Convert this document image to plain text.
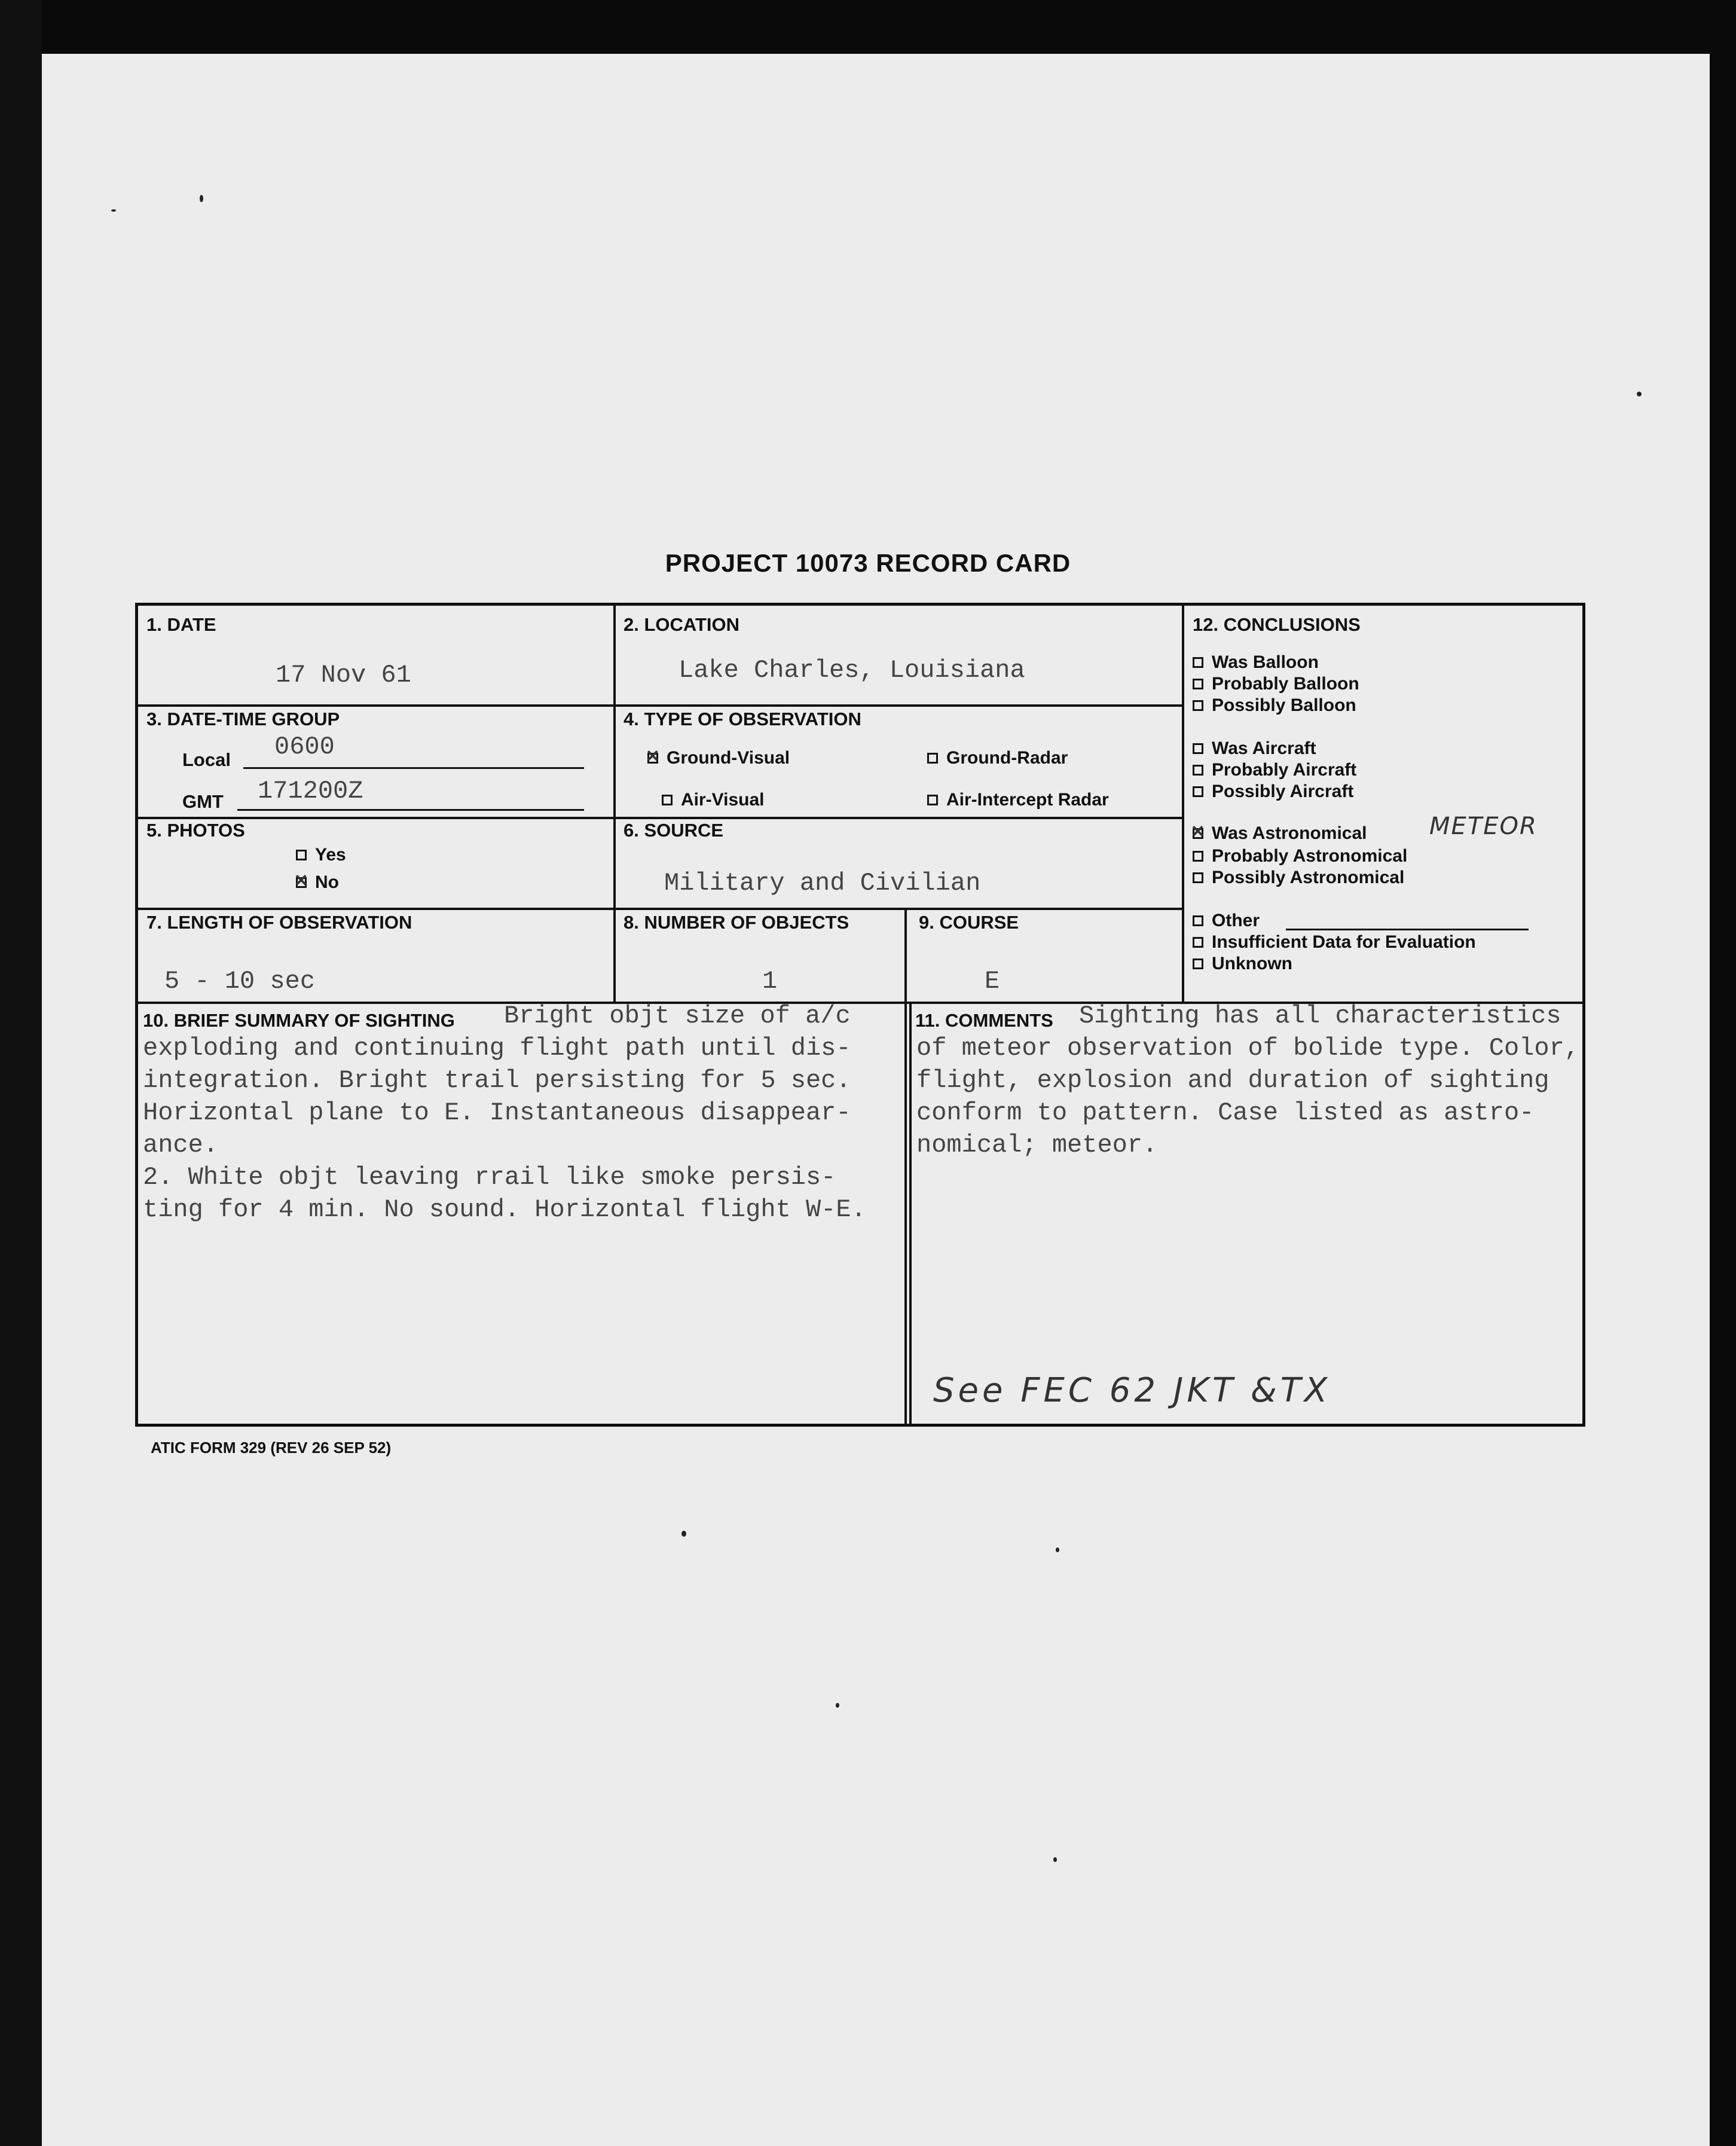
PROJECT 10073 RECORD CARD
1. DATE
17 Nov 61
2. LOCATION
Lake Charles, Louisiana
3. DATE-TIME GROUP
Local 0600
GMT 171200Z
4. TYPE OF OBSERVATION
✕
Ground-Visual	Ground-Radar
Air-Visual	Air-Intercept Radar
5. PHOTOS
Yes
✕
No
6. SOURCE
Military and Civilian
7. LENGTH OF OBSERVATION
5 - 10 sec
8. NUMBER OF OBJECTS
1
9. COURSE
E
12. CONCLUSIONS
Was Balloon
Probably Balloon
Possibly Balloon
Was Aircraft
Probably Aircraft
Possibly Aircraft
✕
Was Astronomical	METEOR
Probably Astronomical
Possibly Astronomical
Other
Insufficient Data for Evaluation
Unknown
10. BRIEF SUMMARY OF SIGHTING Bright objt size of a/c
exploding and continuing flight path until dis-
integration. Bright trail persisting for 5 sec.
Horizontal plane to E. Instantaneous disappear-
ance.
2. White objt leaving rrail like smoke persis-
ting for 4 min. No sound. Horizontal flight W-E.
11. COMMENTS Sighting has all characteristics
of meteor observation of bolide type. Color,
flight, explosion and duration of sighting
conform to pattern. Case listed as astro-
nomical; meteor.
See FEC 62 JKT &TX
ATIC FORM 329 (REV 26 SEP 52)
